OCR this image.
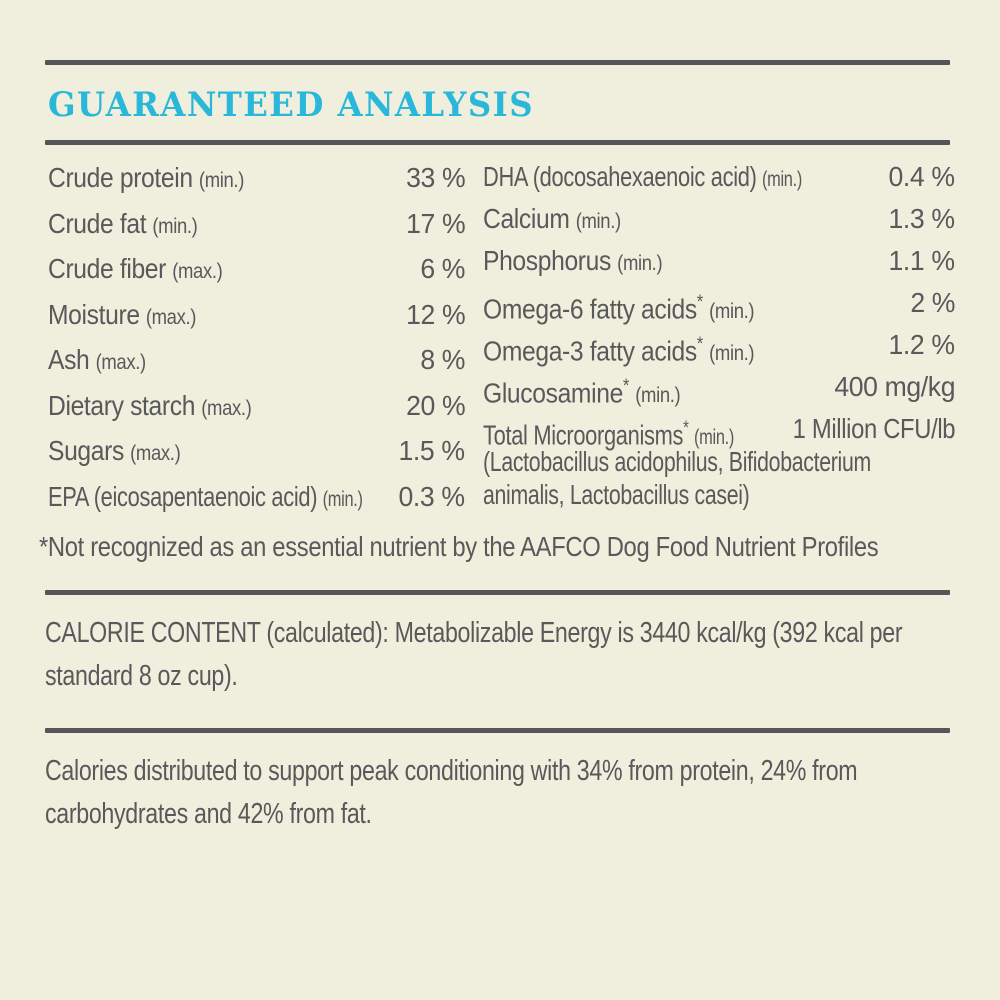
GUARANTEED ANALYSIS
Crude protein (min.)	33 %
Crude fat (min.)	17 %
Crude fiber (max.)	6 %
Moisture (max.)	12 %
Ash (max.)	8 %
Dietary starch (max.)	20 %
Sugars (max.)	1.5 %
EPA (eicosapentaenoic acid) (min.) 0.3 %
DHA (docosahexaenoic acid) (min.)	0.4 %
Calcium (min.)	1.3 %
Phosphorus (min.)	1.1 %
Omega-6 fatty acids* (min.)	2 %
Omega-3 fatty acids* (min.)	1.2 %
Glucosamine* (min.)	400 mg/kg
Total Microorganisms* (min.) 1 Million CFU/lb
(Lactobacillus acidophilus, Bifidobacterium
animalis, Lactobacillus casei)
*Not recognized as an essential nutrient by the AAFCO Dog Food Nutrient Profiles
CALORIE CONTENT (calculated): Metabolizable Energy is 3440 kcal/kg (392 kcal per
standard 8 oz cup).
Calories distributed to support peak conditioning with 34% from protein, 24% from
carbohydrates and 42% from fat.
